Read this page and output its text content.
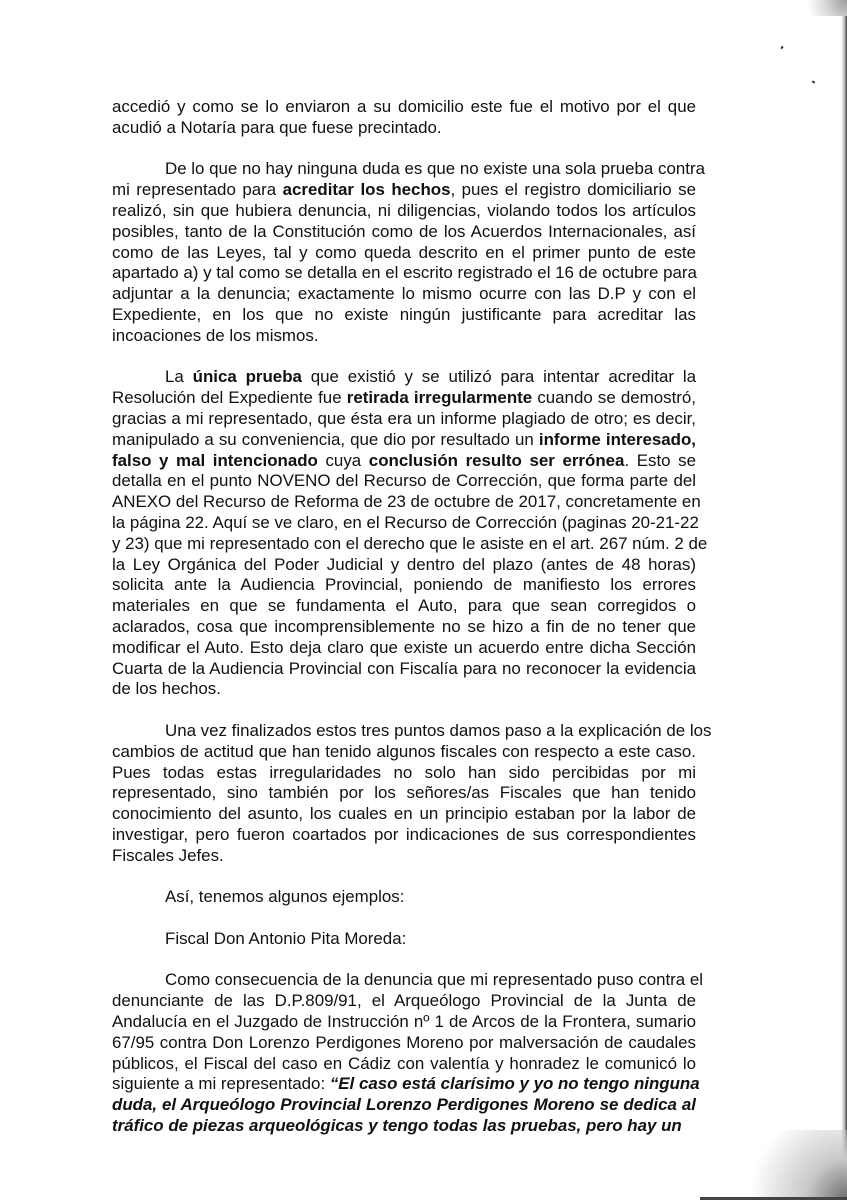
accedió y como se lo enviaron a su domicilio este fue el motivo por el que
acudió a Notaría para que fuese precintado.
De lo que no hay ninguna duda es que no existe una sola prueba contra
mi representado para acreditar los hechos, pues el registro domiciliario se
realizó, sin que hubiera denuncia, ni diligencias, violando todos los artículos
posibles, tanto de la Constitución como de los Acuerdos Internacionales, así
como de las Leyes, tal y como queda descrito en el primer punto de este
apartado a) y tal como se detalla en el escrito registrado el 16 de octubre para
adjuntar a la denuncia; exactamente lo mismo ocurre con las D.P y con el
Expediente, en los que no existe ningún justificante para acreditar las
incoaciones de los mismos.
La única prueba que existió y se utilizó para intentar acreditar la
Resolución del Expediente fue retirada irregularmente cuando se demostró,
gracias a mi representado, que ésta era un informe plagiado de otro; es decir,
manipulado a su conveniencia, que dio por resultado un informe interesado,
falso y mal intencionado cuya conclusión resulto ser errónea. Esto se
detalla en el punto NOVENO del Recurso de Corrección, que forma parte del
ANEXO del Recurso de Reforma de 23 de octubre de 2017, concretamente en
la página 22. Aquí se ve claro, en el Recurso de Corrección (paginas 20-21-22
y 23) que mi representado con el derecho que le asiste en el art. 267 núm. 2 de
la Ley Orgánica del Poder Judicial y dentro del plazo (antes de 48 horas)
solicita ante la Audiencia Provincial, poniendo de manifiesto los errores
materiales en que se fundamenta el Auto, para que sean corregidos o
aclarados, cosa que incomprensiblemente no se hizo a fin de no tener que
modificar el Auto. Esto deja claro que existe un acuerdo entre dicha Sección
Cuarta de la Audiencia Provincial con Fiscalía para no reconocer la evidencia
de los hechos.
Una vez finalizados estos tres puntos damos paso a la explicación de los
cambios de actitud que han tenido algunos fiscales con respecto a este caso.
Pues todas estas irregularidades no solo han sido percibidas por mi
representado, sino también por los señores/as Fiscales que han tenido
conocimiento del asunto, los cuales en un principio estaban por la labor de
investigar, pero fueron coartados por indicaciones de sus correspondientes
Fiscales Jefes.
Así, tenemos algunos ejemplos:
Fiscal Don Antonio Pita Moreda:
Como consecuencia de la denuncia que mi representado puso contra el
denunciante de las D.P.809/91, el Arqueólogo Provincial de la Junta de
Andalucía en el Juzgado de Instrucción nº 1 de Arcos de la Frontera, sumario
67/95 contra Don Lorenzo Perdigones Moreno por malversación de caudales
públicos, el Fiscal del caso en Cádiz con valentía y honradez le comunicó lo
siguiente a mi representado: “El caso está clarísimo y yo no tengo ninguna
duda, el Arqueólogo Provincial Lorenzo Perdigones Moreno se dedica al
tráfico de piezas arqueológicas y tengo todas las pruebas, pero hay un
